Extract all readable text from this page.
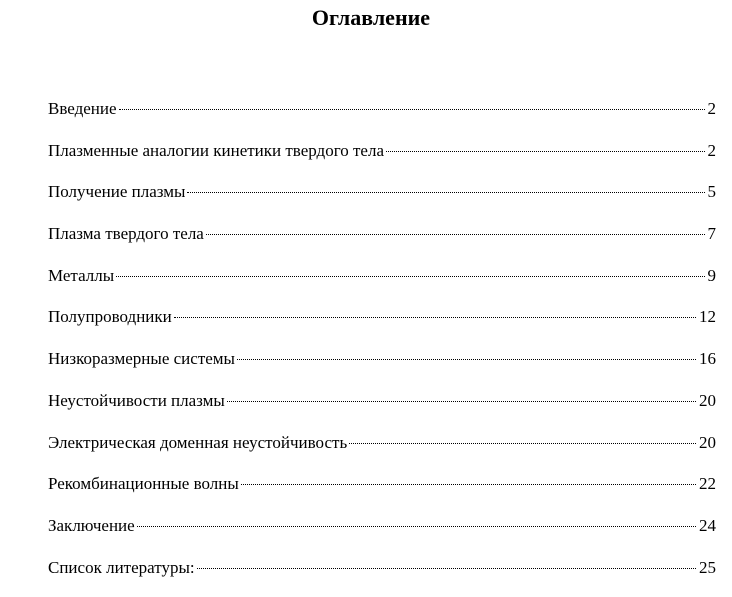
Оглавление
Введение	2
Плазменные аналогии кинетики твердого тела	2
Получение плазмы	5
Плазма твердого тела	7
Металлы	9
Полупроводники	12
Низкоразмерные системы	16
Неустойчивости плазмы	20
Электрическая доменная неустойчивость	20
Рекомбинационные волны	22
Заключение	24
Список литературы:	25
